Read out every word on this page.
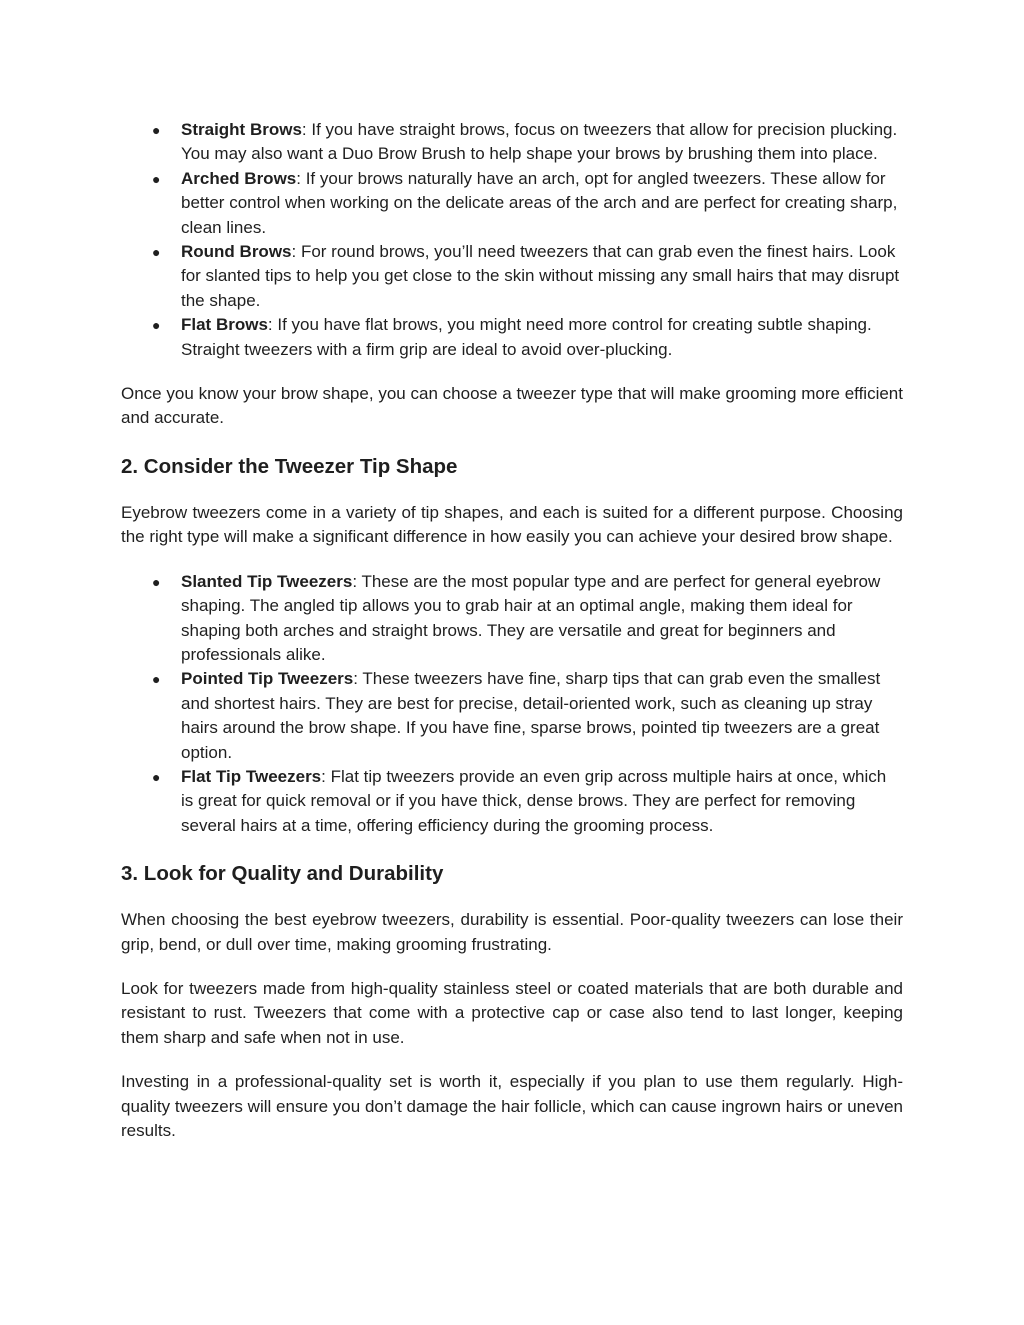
● Straight Brows: If you have straight brows, focus on tweezers that allow for precision plucking. You may also want a Duo Brow Brush to help shape your brows by brushing them into place.
● Arched Brows: If your brows naturally have an arch, opt for angled tweezers. These allow for better control when working on the delicate areas of the arch and are perfect for creating sharp, clean lines.
● Round Brows: For round brows, you’ll need tweezers that can grab even the finest hairs. Look for slanted tips to help you get close to the skin without missing any small hairs that may disrupt the shape.
● Flat Brows: If you have flat brows, you might need more control for creating subtle shaping. Straight tweezers with a firm grip are ideal to avoid over-plucking.

Once you know your brow shape, you can choose a tweezer type that will make grooming more efficient and accurate.

2. Consider the Tweezer Tip Shape

Eyebrow tweezers come in a variety of tip shapes, and each is suited for a different purpose. Choosing the right type will make a significant difference in how easily you can achieve your desired brow shape.

● Slanted Tip Tweezers: These are the most popular type and are perfect for general eyebrow shaping. The angled tip allows you to grab hair at an optimal angle, making them ideal for shaping both arches and straight brows. They are versatile and great for beginners and professionals alike.
● Pointed Tip Tweezers: These tweezers have fine, sharp tips that can grab even the smallest and shortest hairs. They are best for precise, detail-oriented work, such as cleaning up stray hairs around the brow shape. If you have fine, sparse brows, pointed tip tweezers are a great option.
● Flat Tip Tweezers: Flat tip tweezers provide an even grip across multiple hairs at once, which is great for quick removal or if you have thick, dense brows. They are perfect for removing several hairs at a time, offering efficiency during the grooming process.
3. Look for Quality and Durability

When choosing the best eyebrow tweezers, durability is essential. Poor-quality tweezers can lose their grip, bend, or dull over time, making grooming frustrating.

Look for tweezers made from high-quality stainless steel or coated materials that are both durable and resistant to rust. Tweezers that come with a protective cap or case also tend to last longer, keeping them sharp and safe when not in use.

Investing in a professional-quality set is worth it, especially if you plan to use them regularly. High-quality tweezers will ensure you don’t damage the hair follicle, which can cause ingrown hairs or uneven results.
